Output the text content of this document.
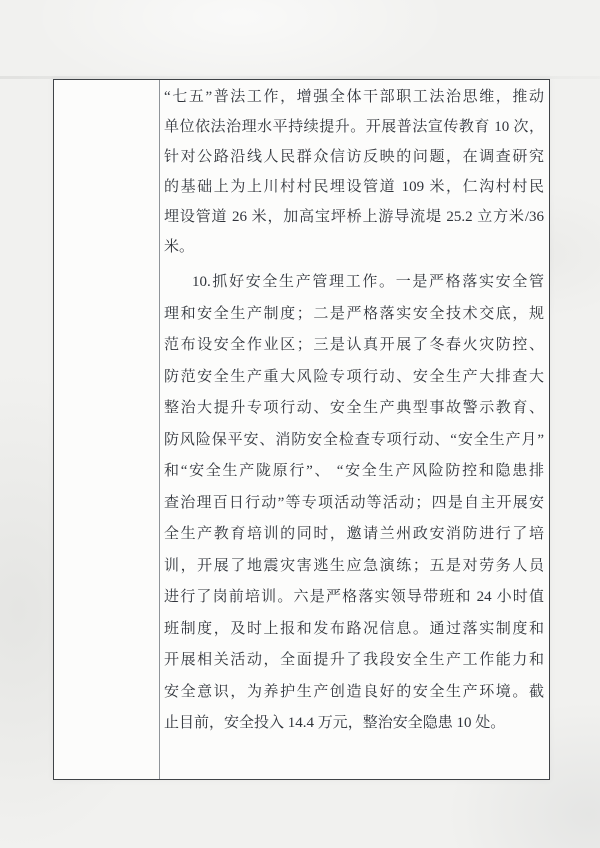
“七五”普法工作，增强全体干部职工法治思维，推动
单位依法治理水平持续提升。开展普法宣传教育 10 次，
针对公路沿线人民群众信访反映的问题，在调查研究
的基础上为上川村村民埋设管道 109 米，仁沟村村民
埋设管道 26 米，加高宝坪桥上游导流堤 25.2 立方米/36
米。
10.抓好安全生产管理工作。一是严格落实安全管
理和安全生产制度；二是严格落实安全技术交底，规
范布设安全作业区；三是认真开展了冬春火灾防控、
防范安全生产重大风险专项行动、安全生产大排查大
整治大提升专项行动、安全生产典型事故警示教育、
防风险保平安、消防安全检查专项行动、“安全生产月”
和“安全生产陇原行”、 “安全生产风险防控和隐患排
查治理百日行动”等专项活动等活动；四是自主开展安
全生产教育培训的同时，邀请兰州政安消防进行了培
训，开展了地震灾害逃生应急演练；五是对劳务人员
进行了岗前培训。六是严格落实领导带班和 24 小时值
班制度，及时上报和发布路况信息。通过落实制度和
开展相关活动，全面提升了我段安全生产工作能力和
安全意识，为养护生产创造良好的安全生产环境。截
止目前，安全投入 14.4 万元，整治安全隐患 10 处。
